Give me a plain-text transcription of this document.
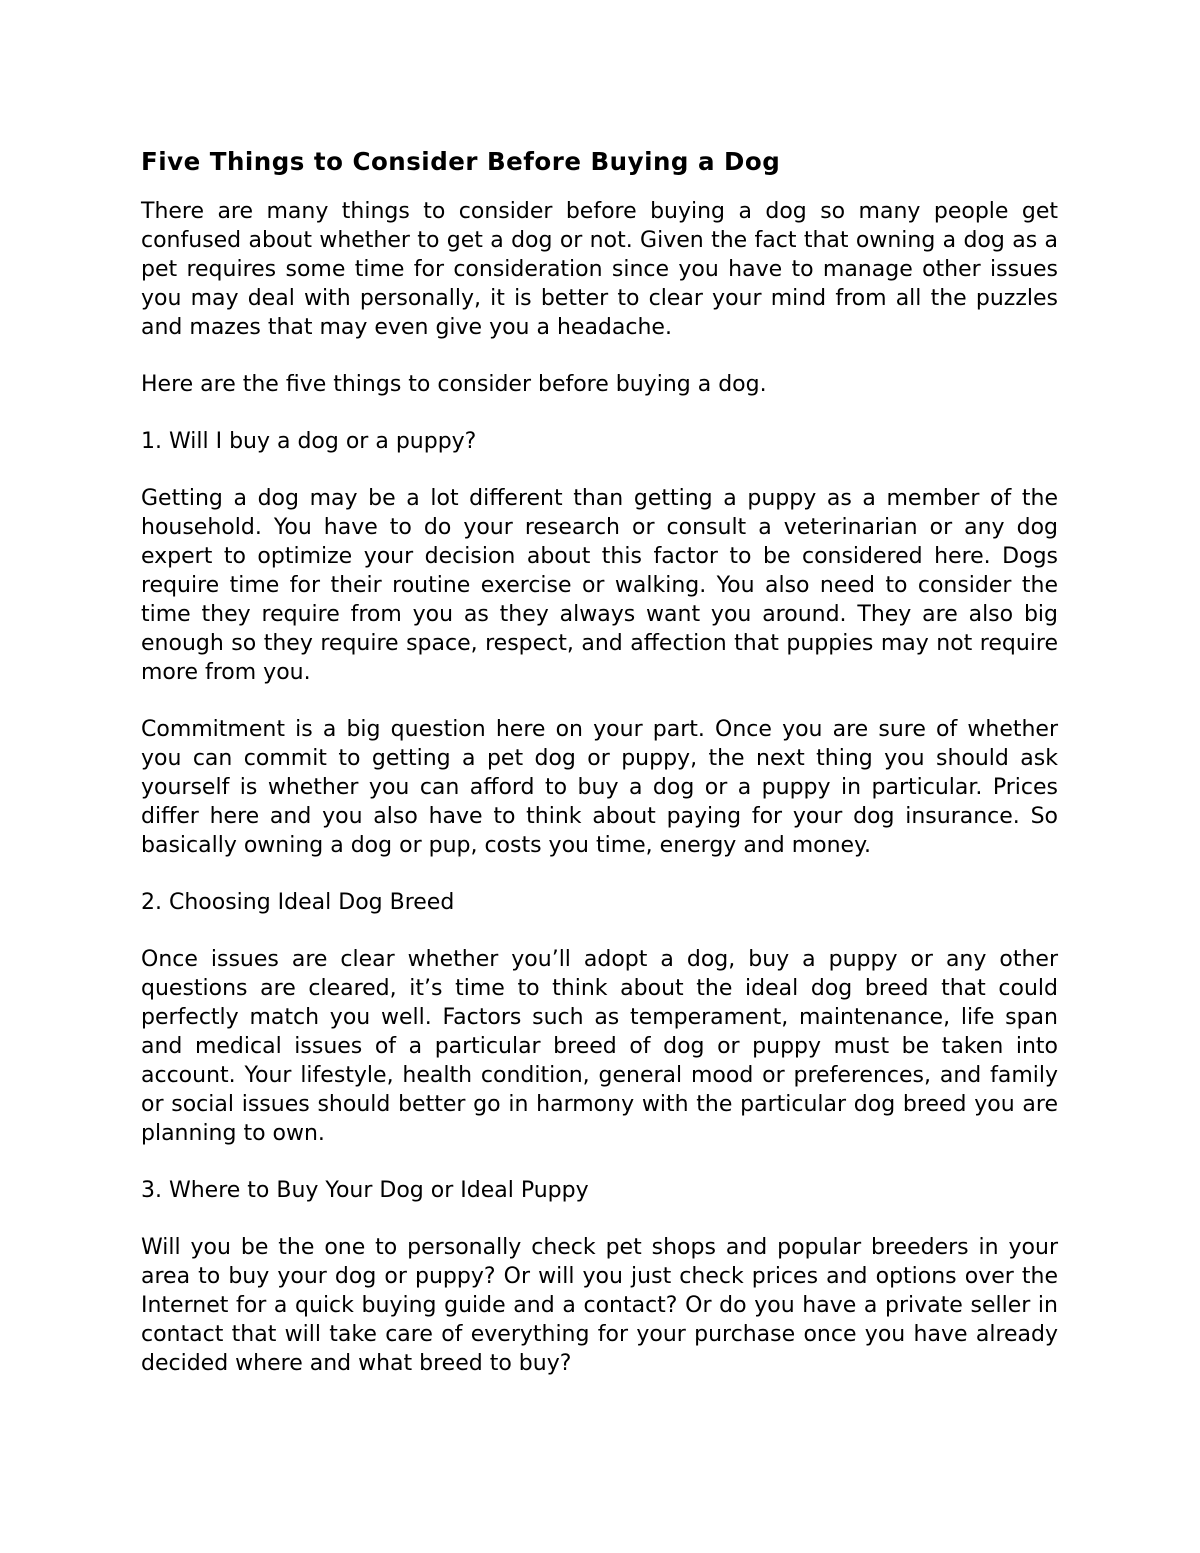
Five Things to Consider Before Buying a Dog

There are many things to consider before buying a dog so many people get confused about whether to get a dog or not. Given the fact that owning a dog as a pet requires some time for consideration since you have to manage other issues you may deal with personally, it is better to clear your mind from all the puzzles and mazes that may even give you a headache.

Here are the five things to consider before buying a dog.

1. Will I buy a dog or a puppy?

Getting a dog may be a lot different than getting a puppy as a member of the household. You have to do your research or consult a veterinarian or any dog expert to optimize your decision about this factor to be considered here. Dogs require time for their routine exercise or walking. You also need to consider the time they require from you as they always want you around. They are also big enough so they require space, respect, and affection that puppies may not require more from you.

Commitment is a big question here on your part. Once you are sure of whether you can commit to getting a pet dog or puppy, the next thing you should ask yourself is whether you can afford to buy a dog or a puppy in particular. Prices differ here and you also have to think about paying for your dog insurance. So basically owning a dog or pup, costs you time, energy and money.

2. Choosing Ideal Dog Breed

Once issues are clear whether you’ll adopt a dog, buy a puppy or any other questions are cleared, it’s time to think about the ideal dog breed that could perfectly match you well. Factors such as temperament, maintenance, life span and medical issues of a particular breed of dog or puppy must be taken into account. Your lifestyle, health condition, general mood or preferences, and family or social issues should better go in harmony with the particular dog breed you are planning to own.

3. Where to Buy Your Dog or Ideal Puppy

Will you be the one to personally check pet shops and popular breeders in your area to buy your dog or puppy? Or will you just check prices and options over the Internet for a quick buying guide and a contact? Or do you have a private seller in contact that will take care of everything for your purchase once you have already decided where and what breed to buy?
